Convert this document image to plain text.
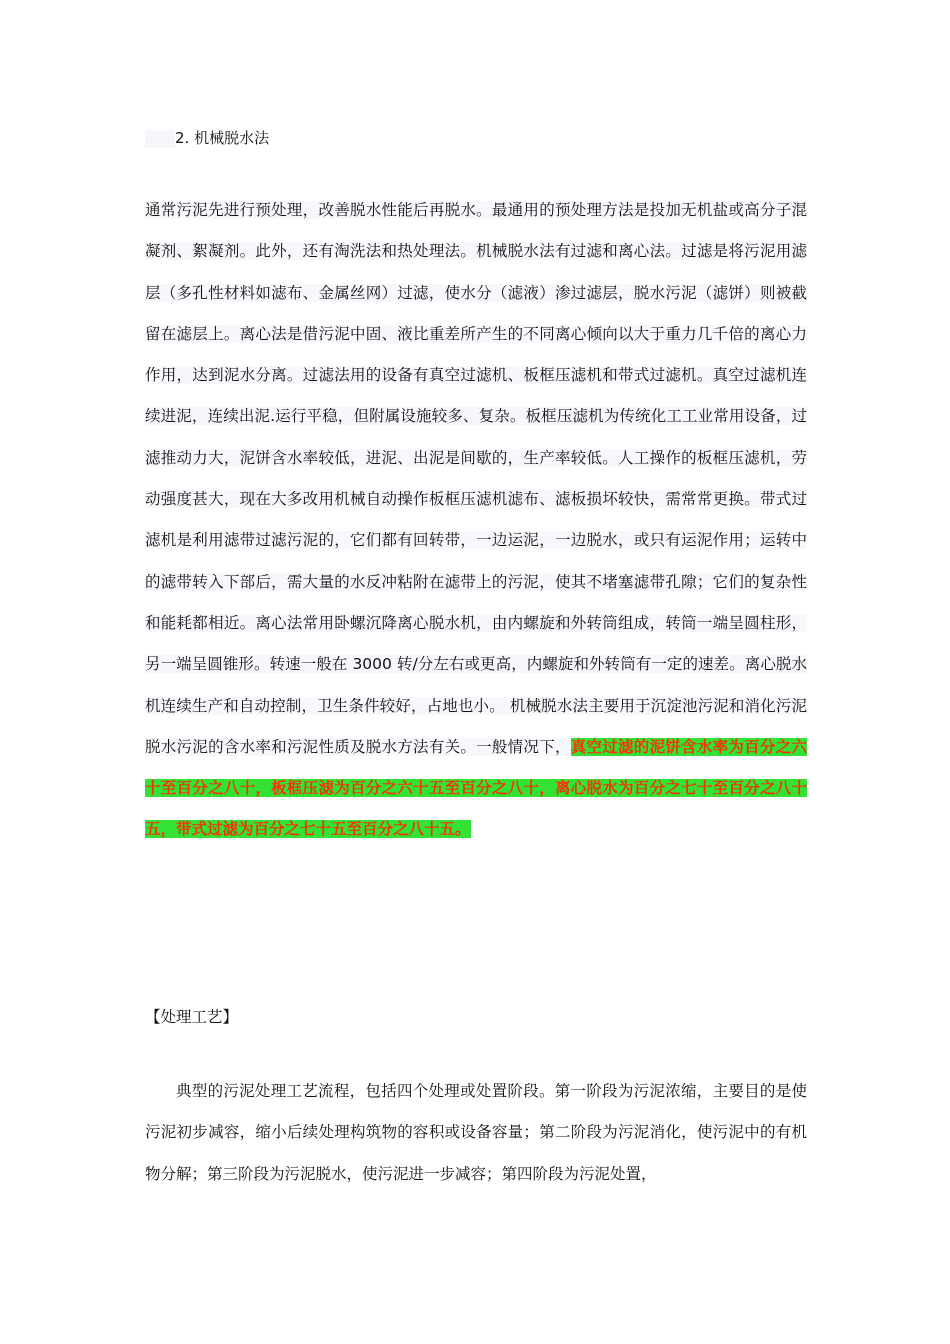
2. 机械脱水法

通常污泥先进行预处理，改善脱水性能后再脱水。最通用的预处理方法是投加无机盐或高分子混凝剂、絮凝剂。此外，还有淘洗法和热处理法。机械脱水法有过滤和离心法。过滤是将污泥用滤层（多孔性材料如滤布、金属丝网）过滤，使水分（滤液）渗过滤层，脱水污泥（滤饼）则被截留在滤层上。离心法是借污泥中固、液比重差所产生的不同离心倾向以大于重力几千倍的离心力作用，达到泥水分离。过滤法用的设备有真空过滤机、板框压滤机和带式过滤机。真空过滤机连续进泥，连续出泥.运行平稳，但附属设施较多、复杂。板框压滤机为传统化工工业常用设备，过滤推动力大，泥饼含水率较低，进泥、出泥是间歇的，生产率较低。人工操作的板框压滤机，劳动强度甚大，现在大多改用机械自动操作板框压滤机滤布、滤板损坏较快，需常常更换。带式过滤机是利用滤带过滤污泥的，它们都有回转带，一边运泥，一边脱水，或只有运泥作用；运转中的滤带转入下部后，需大量的水反冲粘附在滤带上的污泥，使其不堵塞滤带孔隙；它们的复杂性和能耗都相近。离心法常用卧螺沉降离心脱水机，由内螺旋和外转筒组成，转筒一端呈圆柱形，另一端呈圆锥形。转速一般在 3000 转/分左右或更高，内螺旋和外转筒有一定的速差。离心脱水机连续生产和自动控制，卫生条件较好，占地也小。 机械脱水法主要用于沉淀池污泥和消化污泥脱水污泥的含水率和污泥性质及脱水方法有关。一般情况下，真空过滤的泥饼含水率为百分之六十至百分之八十，板框压滤为百分之六十五至百分之八十，离心脱水为百分之七十至百分之八十五，带式过滤为百分之七十五至百分之八十五。

【处理工艺】

典型的污泥处理工艺流程，包括四个处理或处置阶段。第一阶段为污泥浓缩，主要目的是使污泥初步减容，缩小后续处理构筑物的容积或设备容量；第二阶段为污泥消化，使污泥中的有机物分解；第三阶段为污泥脱水，使污泥进一步减容；第四阶段为污泥处置，
